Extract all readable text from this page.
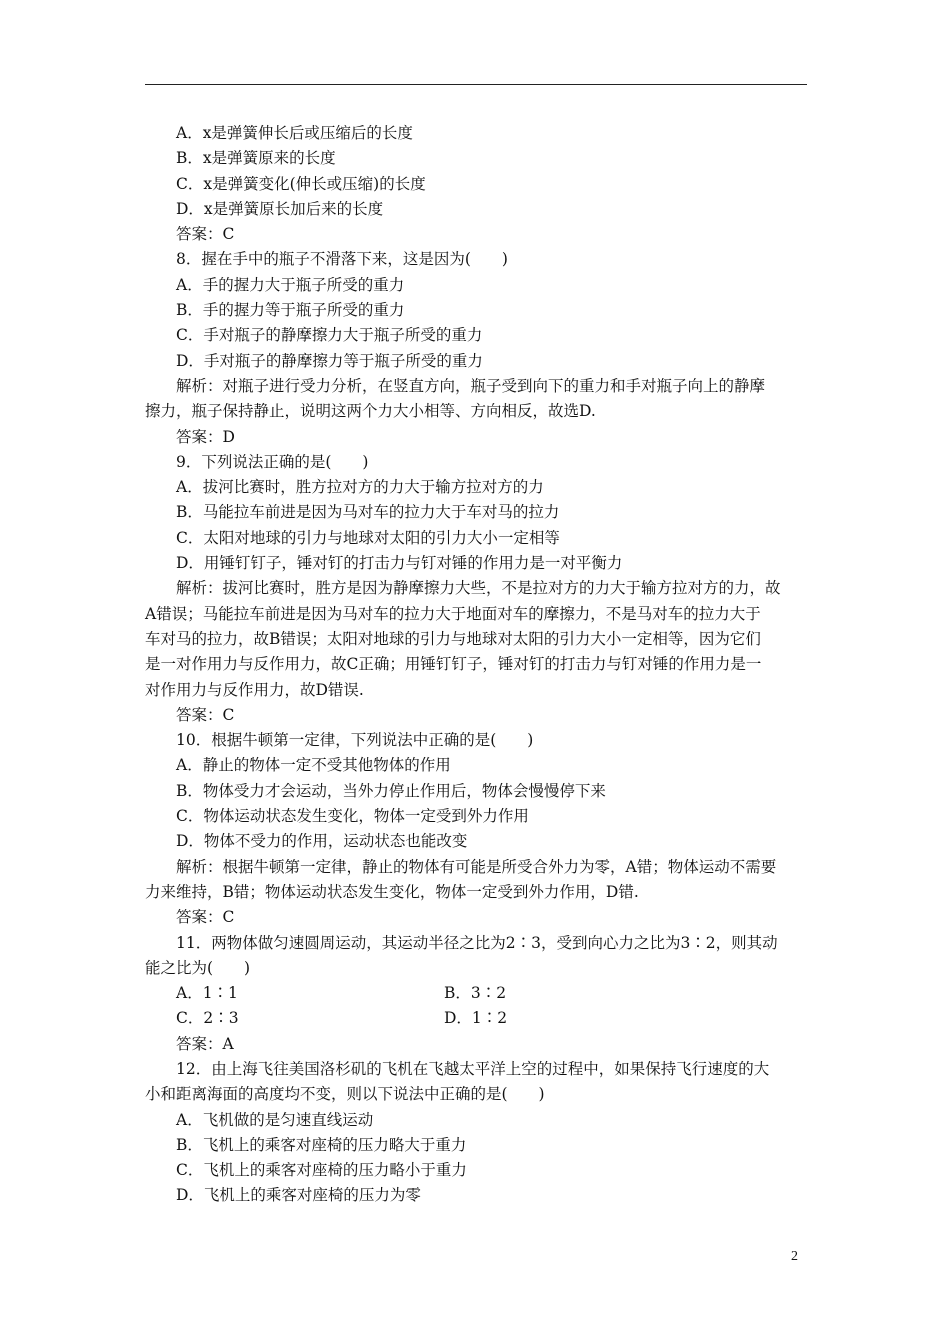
A．x是弹簧伸长后或压缩后的长度
B．x是弹簧原来的长度
C．x是弹簧变化(伸长或压缩)的长度
D．x是弹簧原长加后来的长度
答案：C
8．握在手中的瓶子不滑落下来，这是因为(　　)
A．手的握力大于瓶子所受的重力
B．手的握力等于瓶子所受的重力
C．手对瓶子的静摩擦力大于瓶子所受的重力
D．手对瓶子的静摩擦力等于瓶子所受的重力
解析：对瓶子进行受力分析，在竖直方向，瓶子受到向下的重力和手对瓶子向上的静摩
擦力，瓶子保持静止，说明这两个力大小相等、方向相反，故选D.
答案：D
9．下列说法正确的是(　　)
A．拔河比赛时，胜方拉对方的力大于输方拉对方的力
B．马能拉车前进是因为马对车的拉力大于车对马的拉力
C．太阳对地球的引力与地球对太阳的引力大小一定相等
D．用锤钉钉子，锤对钉的打击力与钉对锤的作用力是一对平衡力
解析：拔河比赛时，胜方是因为静摩擦力大些，不是拉对方的力大于输方拉对方的力，故
A错误；马能拉车前进是因为马对车的拉力大于地面对车的摩擦力，不是马对车的拉力大于
车对马的拉力，故B错误；太阳对地球的引力与地球对太阳的引力大小一定相等，因为它们
是一对作用力与反作用力，故C正确；用锤钉钉子，锤对钉的打击力与钉对锤的作用力是一
对作用力与反作用力，故D错误.
答案：C
10．根据牛顿第一定律，下列说法中正确的是(　　)
A．静止的物体一定不受其他物体的作用
B．物体受力才会运动，当外力停止作用后，物体会慢慢停下来
C．物体运动状态发生变化，物体一定受到外力作用
D．物体不受力的作用，运动状态也能改变
解析：根据牛顿第一定律，静止的物体有可能是所受合外力为零，A错；物体运动不需要
力来维持，B错；物体运动状态发生变化，物体一定受到外力作用，D错.
答案：C
11．两物体做匀速圆周运动，其运动半径之比为2∶3，受到向心力之比为3∶2，则其动
能之比为(　　)
A．1∶1	B．3∶2
C．2∶3	D．1∶2
答案：A
12．由上海飞往美国洛杉矶的飞机在飞越太平洋上空的过程中，如果保持飞行速度的大
小和距离海面的高度均不变，则以下说法中正确的是(　　)
A．飞机做的是匀速直线运动
B．飞机上的乘客对座椅的压力略大于重力
C．飞机上的乘客对座椅的压力略小于重力
D．飞机上的乘客对座椅的压力为零
2
